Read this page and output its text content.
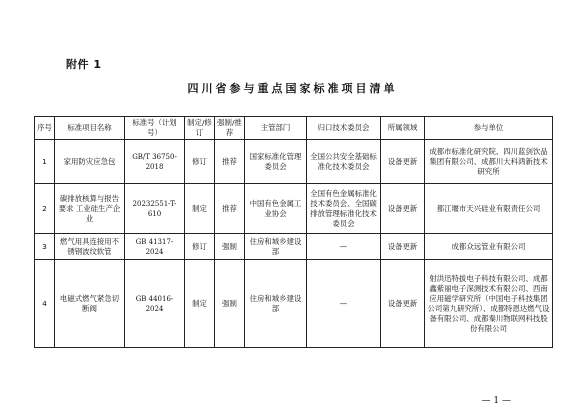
附件 1
四川省参与重点国家标准项目清单
序号	标准项目名称	标准号（计划号）	制定/修订	强制/推荐	主管部门	归口技术委员会	所属领域	参与单位
1	家用防灾应急包	GB/T 36750-2018	修订	推荐	国家标准化管理委员会	全国公共安全基础标准化技术委员会	设备更新	成都市标准化研究院、四川蓝剑饮品集团有限公司、成都川大科鸿新技术研究所
2	碳排放核算与报告要求 工业硅生产企业	20232551-T-610	制定	推荐	中国有色金属工业协会	全国有色金属标准化技术委员会、全国碳排放管理标准化技术委员会	设备更新	都江堰市天兴硅业有限责任公司
3	燃气用具连接用不锈钢波纹软管	GB 41317-2024	修订	强制	住房和城乡建设部	—	设备更新	成都众远管业有限公司
4	电磁式燃气紧急切断阀	GB 44016-2024	制定	强制	住房和城乡建设部	—	设备更新	射洪迅特拔电子科技有限公司、成都鑫紫丽电子深测技术有限公司、西南应用磁学研究所（中国电子科技集团公司第九研究所）、成都特恩达燃气设备有限公司、成都秦川物联网科技股份有限公司
— 1 —
